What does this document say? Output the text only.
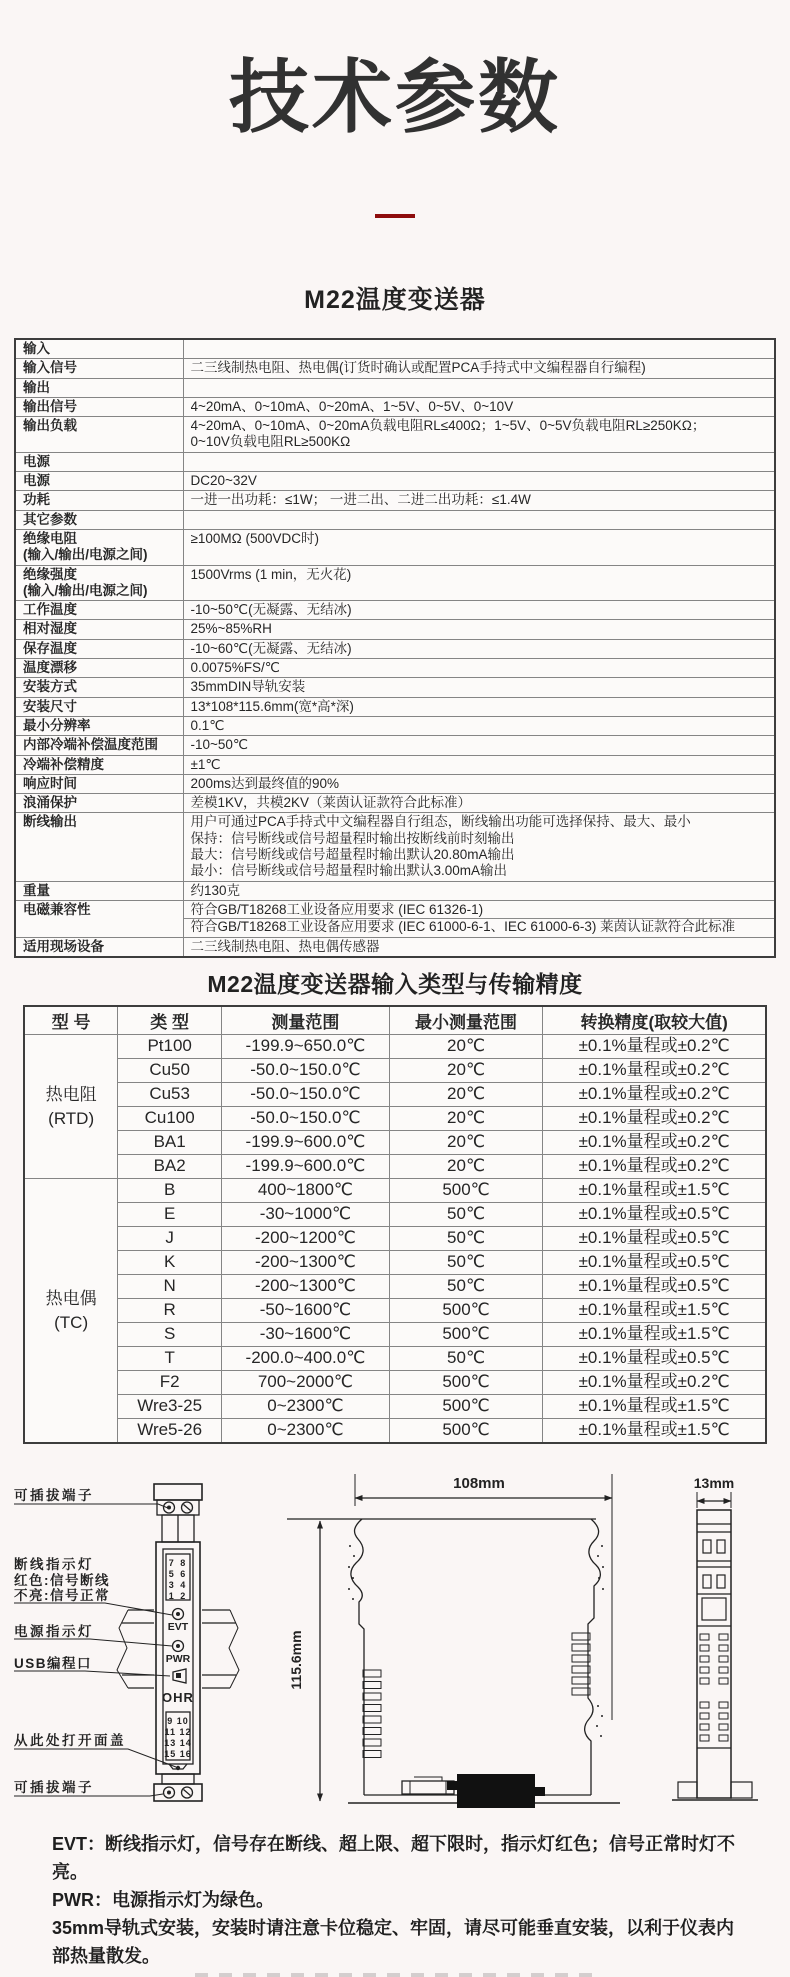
技术参数
M22温度变送器
输入	

输入信号	二三线制热电阻、热电偶(订货时确认或配置PCA手持式中文编程器自行编程)

输出	

输出信号	4~20mA、0~10mA、0~20mA、1~5V、0~5V、0~10V

输出负载	4~20mA、0~10mA、0~20mA负载电阻RL≤400Ω；1~5V、0~5V负载电阻RL≥250KΩ；
0~10V负载电阻RL≥500KΩ

电源	

电源	DC20~32V

功耗	一进一出功耗：≤1W； 一进二出、二进二出功耗：≤1.4W

其它参数	

绝缘电阻
(输入/输出/电源之间)	≥100MΩ (500VDC时)

绝缘强度
(输入/输出/电源之间)	1500Vrms (1 min，无火花)

工作温度	-10~50℃(无凝露、无结冰)

相对湿度	25%~85%RH

保存温度	-10~60℃(无凝露、无结冰)

温度漂移	0.0075%FS/℃

安装方式	35mmDIN导轨安装

安装尺寸	13*108*115.6mm(宽*高*深)

最小分辨率	0.1℃

内部冷端补偿温度范围	-10~50℃

冷端补偿精度	±1℃

响应时间	200ms达到最终值的90%

浪涌保护	差模1KV，共模2KV（莱茵认证款符合此标准）

断线输出	用户可通过PCA手持式中文编程器自行组态，断线输出功能可选择保持、最大、最小
保持：信号断线或信号超量程时输出按断线前时刻输出
最大：信号断线或信号超量程时输出默认20.80mA输出
最小：信号断线或信号超量程时输出默认3.00mA输出

重量	约130克

电磁兼容性	符合GB/T18268工业设备应用要求 (IEC 61326-1)
符合GB/T18268工业设备应用要求 (IEC 61000-6-1、IEC 61000-6-3) 莱茵认证款符合此标准

适用现场设备	二三线制热电阻、热电偶传感器
M22温度变送器输入类型与传输精度
型 号	类 型	测量范围	最小测量范围	转换精度(取较大值)

热电阻
(RTD)	Pt100	-199.9~650.0℃	20℃	±0.1%量程或±0.2℃
	Cu50	-50.0~150.0℃	20℃	±0.1%量程或±0.2℃
	Cu53	-50.0~150.0℃	20℃	±0.1%量程或±0.2℃
	Cu100	-50.0~150.0℃	20℃	±0.1%量程或±0.2℃
	BA1	-199.9~600.0℃	20℃	±0.1%量程或±0.2℃
	BA2	-199.9~600.0℃	20℃	±0.1%量程或±0.2℃

热电偶
(TC)	B	400~1800℃	500℃	±0.1%量程或±1.5℃
	E	-30~1000℃	50℃	±0.1%量程或±0.5℃
	J	-200~1200℃	50℃	±0.1%量程或±0.5℃
	K	-200~1300℃	50℃	±0.1%量程或±0.5℃
	N	-200~1300℃	50℃	±0.1%量程或±0.5℃
	R	-50~1600℃	500℃	±0.1%量程或±1.5℃
	S	-30~1600℃	500℃	±0.1%量程或±1.5℃
	T	-200.0~400.0℃	50℃	±0.1%量程或±0.5℃
	F2	700~2000℃	500℃	±0.1%量程或±0.2℃
	Wre3-25	0~2300℃	500℃	±0.1%量程或±1.5℃
	Wre5-26	0~2300℃	500℃	±0.1%量程或±1.5℃
可插拔端子
断线指示灯
红色:信号断线
不亮:信号正常
电源指示灯
USB编程口
从此处打开面盖
可插拔端子
7 8
5 6
3 4
1 2
EVT
PWR
OHR
9 10
11 12
13 14
15 16
108mm
115.6mm
13mm

EVT：断线指示灯，信号存在断线、超上限、超下限时，指示灯红色；信号正常时灯不亮。

PWR：电源指示灯为绿色。

35mm导轨式安装，安装时请注意卡位稳定、牢固，请尽可能垂直安装，以利于仪表内部热量散发。
